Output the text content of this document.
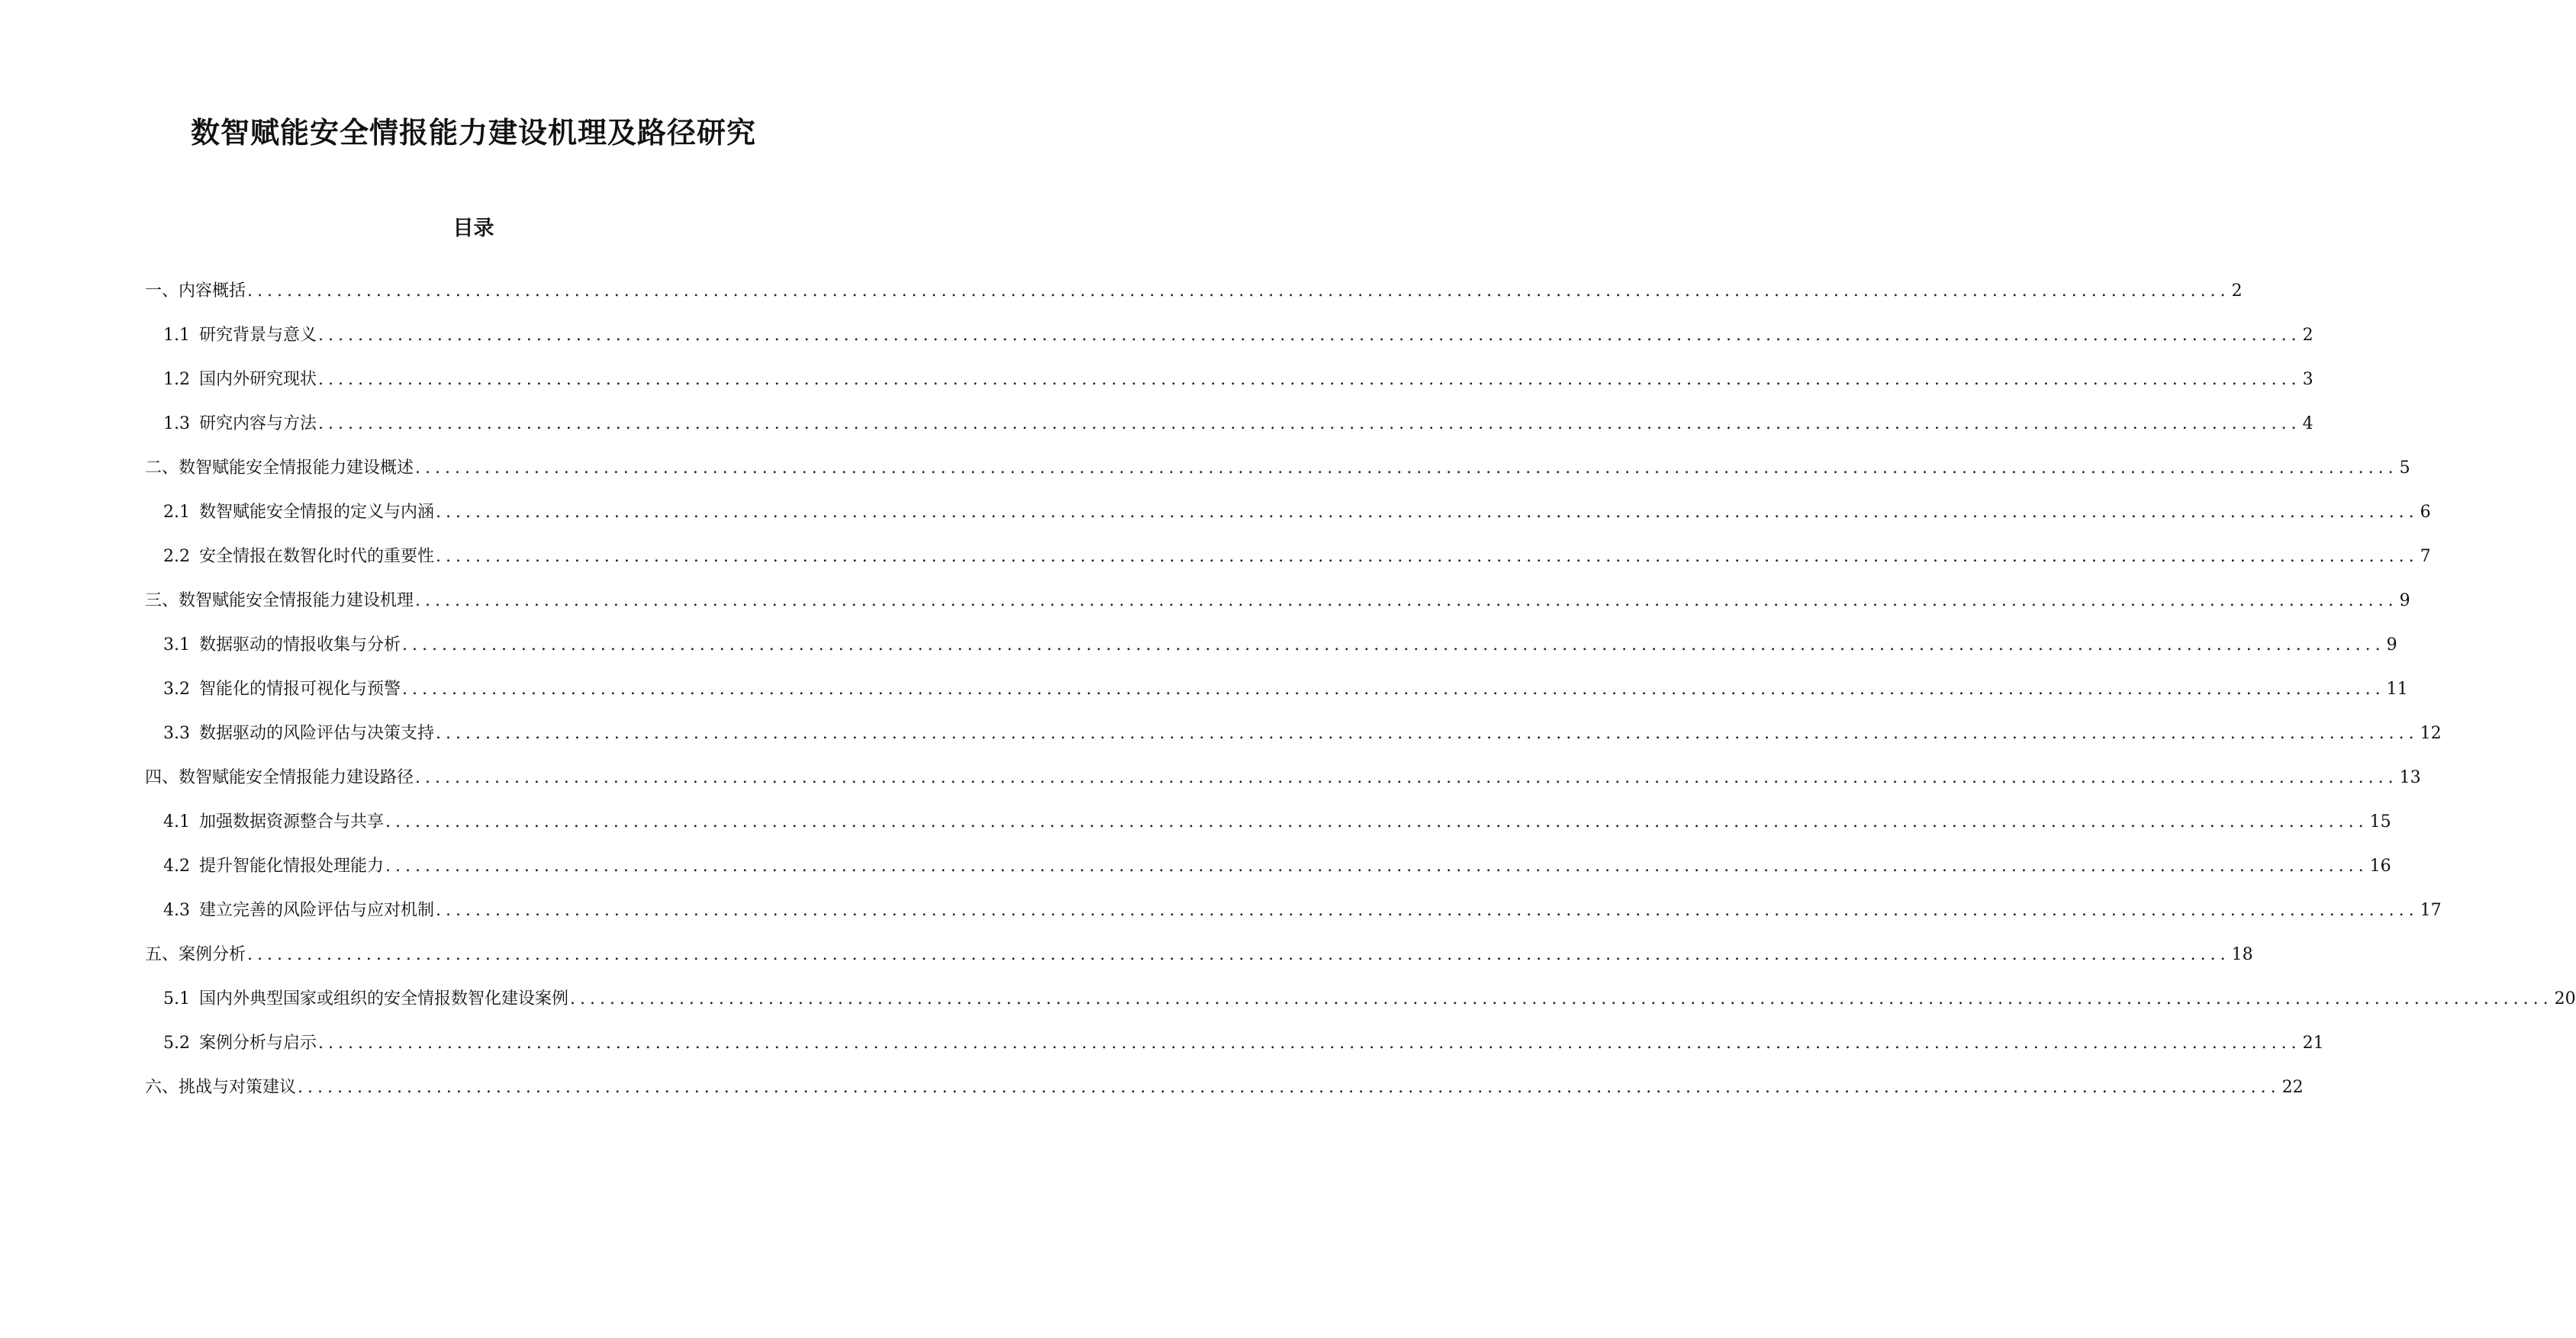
数智赋能安全情报能力建设机理及路径研究
目录
一、内容概括 ........................................................................................................................................................................................................ 2
1.1 研究背景与意义 ........................................................................................................................................................................................................ 2
1.2 国内外研究现状 ........................................................................................................................................................................................................ 3
1.3 研究内容与方法 ........................................................................................................................................................................................................ 4
二、数智赋能安全情报能力建设概述 ........................................................................................................................................................................................................ 5
2.1 数智赋能安全情报的定义与内涵 ........................................................................................................................................................................................................ 6
2.2 安全情报在数智化时代的重要性 ........................................................................................................................................................................................................ 7
三、数智赋能安全情报能力建设机理 ........................................................................................................................................................................................................ 9
3.1 数据驱动的情报收集与分析 ........................................................................................................................................................................................................ 9
3.2 智能化的情报可视化与预警 ........................................................................................................................................................................................................ 11
3.3 数据驱动的风险评估与决策支持 ........................................................................................................................................................................................................ 12
四、数智赋能安全情报能力建设路径 ........................................................................................................................................................................................................ 13
4.1 加强数据资源整合与共享 ........................................................................................................................................................................................................ 15
4.2 提升智能化情报处理能力 ........................................................................................................................................................................................................ 16
4.3 建立完善的风险评估与应对机制 ........................................................................................................................................................................................................ 17
五、案例分析 ........................................................................................................................................................................................................ 18
5.1 国内外典型国家或组织的安全情报数智化建设案例 ........................................................................................................................................................................................................ 20
5.2 案例分析与启示 ........................................................................................................................................................................................................ 21
六、挑战与对策建议 ........................................................................................................................................................................................................ 22
